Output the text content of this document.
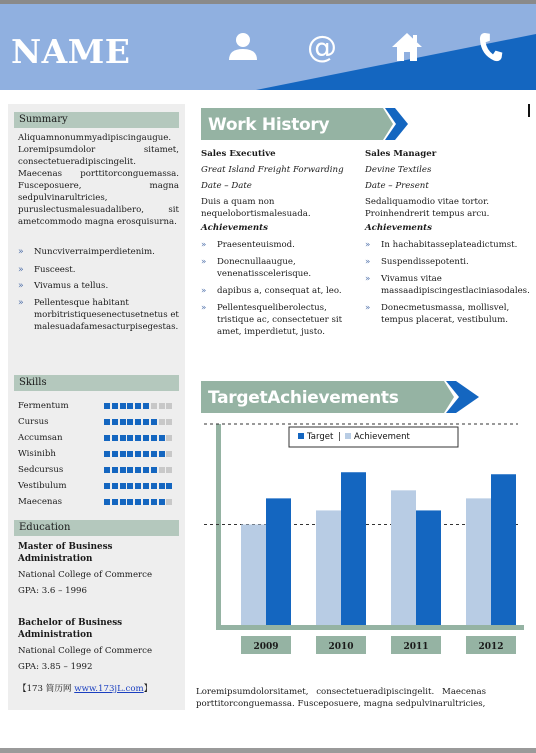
NAME	@
Summary
Aliquamnonummyadipiscingaugue. Loremipsumdolor sitamet, consectetueradipiscingelit. Maecenas porttitorconguemassa. Fusceposuere, magna sedpulvinarultricies, puruslectusmalesuadalibero, sit ametcommodo magna erosquisurna.
» Nuncviverraimperdietenim.
» Fusceest.
» Vivamus a tellus.
» Pellentesque habitant morbitristiquesenectusetnetus et malesuadafamesacturpisegestas.
Skills
Fermentum
Cursus
Accumsan
Wisinibh
Sedcursus
Vestibulum
Maecenas
Education
Master of Business Administration
National College of Commerce
GPA: 3.6 – 1996
Bachelor of Business Administration
National College of Commerce
GPA: 3.85 – 1992
【173 简历网 www.173jL.com】
Work History
Sales Executive
Great Island Freight Forwarding
Date – Date
Duis a quam non nequelobortismalesuada.
Achievements
» Praesenteuismod.
» Donecnullaaugue, venenatisscelerisque.
» dapibus a, consequat at, leo.
» Pellentesqueliberolectus, tristique ac, consectetuer sit amet, imperdietut, justo.
Sales Manager
Devine Textiles
Date – Present
Sedaliquamodio vitae tortor. Proinhendrerit tempus arcu.
Achievements
» In hachabitasseplateadictumst.
» Suspendissepotenti.
» Vivamus vitae massaadipiscingestlaciniasodales.
» Donecmetusmassa, mollisvel, tempus placerat, vestibulum.
TargetAchievements
2009	2010	2011	2012
Target | Achievement
Loremipsumdolorsitamet, consectetueradipiscingelit. Maecenas porttitorconguemassa. Fusceposuere, magna sedpulvinarultricies,
